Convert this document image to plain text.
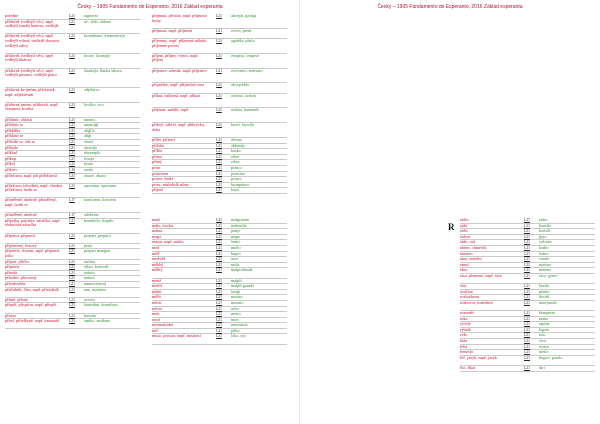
Česky – 1905 Fundamento de Esperanto, 2016 Základ esperanta
poledne	L21	tagmezo
přídavek (vedlejší věc), např. vedlejší (malá) budova, vedlejší
L21	al-, aldo, aldono
přídavek (vedlejší věc), např. vedlejší vchod, vedlejší slavnost, vedlejší zdroj
L21	kromdomo, kromenirejo
přídavek (vedlejší věc), např. vedlejší budova
L21	krom-, kromaĵo
přídavek (vedlejší věc), např. vedlejší postava, vedlejší práce
L21	flankaĵo, flanka laboro
přídavek ke jménu, přívlastek, např. adjektivum
L21	adjektivo
přídavné jméno, přídavek, např. vlastnost, kvalita
L21	kvalito, eco
přihlásit, ohlásit	L21	anonci
přihlásit se	L21	anonciĝi
přihláška	L21	aliĝilo
přihlásit se	L21	aliĝi
přihodit se, stát se	L21	okazi
příhoda	L21	okazaĵo
příklad	L21	ekzemplo
příkop	L21	fosaĵo
příkrý	L21	kruta
příkrov	L16	vualo
příležitost, např. při příležitosti	L21	okaze, okazo
příležitost (vhodná), např. vhodná příležitost, hodit se
L21	oportuna, oportuno
přiměřeně, úměrně, přiměřený, např. hodit se
L17	konforme, konveni
přiměřeně, úměrně	L17	adekvate
přípojka, pojistka, zástrčka, např. elektrická zástrčka
L21	konektilo, ŝtopilo
příprava, připravit	L21	prepari, preparo
připravený, hotový	L21	preta
připravit, chystat, např. připravit jídlo
L21	prepari manĝon
připsat, přičíst	L21	atribui
připustit	L21	allasi, koncedi
příroda	L21	naturo
přírodní, přirozený	L21	natura
přírodověda	L21	natursciencoj
příslušník, člen, např. příslušník	L21	ano, membro
přísně, přísný	L21	severa
přispět, přispívat, např. přispět	L21	kontribui, kontribuo
přístav	L21	haveno
přítel, přítelkyně, např. kamarád	L21	amiko, amikino
přijmout, přivítat, např. přijmout hosty
L21	akcepti, gastigi
přijmout, např. přijmout	L21	ricevi, preni
příjemný, např. příjemná nálada, příjemné počasí
L21	agrabla, plaĉa
příjem, příjmy, výnos, např. příjem
L21	enspezo, enspezi
příjemce, adresát, např. příjemce	L21	ricevanto, adresato
přijatelný, např. přijatelná cena	L21	akceptebla
příkaz, nařízení, např. příkaz	L21	ordono, ordoni
přikázat, nařídit, např.	L21	ordoni, komandi
přikrýt, zakrýt, např. přikrývka, deka
L21	kovri, kovrilo
přílet, příjezd	L21	alveno
příloha	L21	aldonaĵo
přilba	L21	kasko
přímo	L21	rekte
přímý	L21	rekta
princ	L21	princo
princezna	L21	princino
prince, kníže	L21	princo
princ, následník trůnu	L21	kronprinco
případ	L21	kazo
malé	L21	malgranda
málo, trochu	L21	malmulte
máma	L21	panjo
mapa	L21	mapo
mazat, např. máslo	L21	ŝmiri
med	L21	mielo
měď	L21	kupro
medvěd	L21	urso
měkký	L21	mola
mělký	L21	malprofunda
méně	L21	malpli
menší	L21	malpli granda
měnit	L21	ŝanĝi
měřit	L21	mezuri
měsíc	L21	monato
město	L21	urbo
metr	L21	metro
mezi	L21	inter
mezinárodní	L21	internacia
míč	L21	pilko
místo, prostor, např. místnost	L21	loko, ejo
Česky – 1905 Fundamento de Esperanto, 2016 Základ esperanta
R
rádio	L27	radio
rada	L21	konsilo
radit	L21	konsili
radost	L21	ĝojo
rádo, rád	L21	volonte
rámec, rámeček	L21	kadro
rameno	L21	ŝultro
rána, zranění	L21	vundo
ranní	L21	matena
ráno	L21	mateno
rasa, plemeno, např. rasa	L21	raso, gento
růst	L21	kreski
rostlina	L21	planto
rozhodnout	L21	decidi
rozhovor, rozmluva	L21	interparolo
rozumět	L21	kompreni
ruka	L21	mano
rychlý	L21	rapida
rybník	L21	lageto
rýže	L21	rizo
řada	L21	vico
řeka	L21	rivero
řemeslo	L21	metio
řeč, jazyk, např. jazyk	L21	lingvo, parolo
říci, říkat	L21	diri
